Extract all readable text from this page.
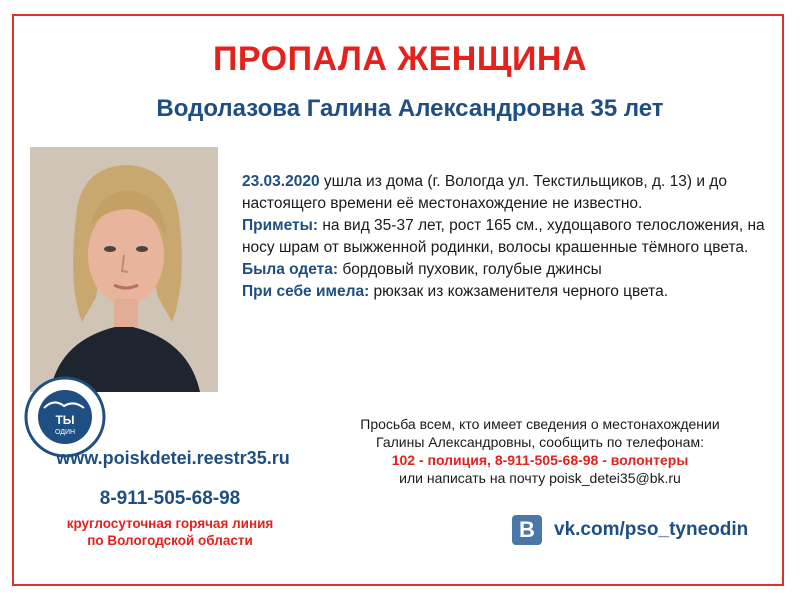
ПРОПАЛА ЖЕНЩИНА
Водолазова Галина Александровна 35 лет
ТЫ
ОДИН

23.03.2020 ушла из дома (г. Вологда ул. Текстильщиков, д. 13) и до настоящего времени её местонахождение не известно.

Приметы: на вид 35-37 лет, рост 165 см., худощавого телосложения, на носу шрам от выжженной родинки, волосы крашенные тёмного цвета.

Была одета: бордовый пуховик, голубые джинсы

При себе имела: рюкзак из кожзаменителя черного цвета.

Просьба всем, кто имеет сведения о местонахождении
Галины Александровны, сообщить по телефонам:
102 - полиция, 8-911-505-68-98 - волонтеры
или написать на почту poisk_detei35@bk.ru
www.poiskdetei.reestr35.ru
8-911-505-68-98
круглосуточная горячая линия
по Вологодской области	B	vk.com/pso_tyneodin
